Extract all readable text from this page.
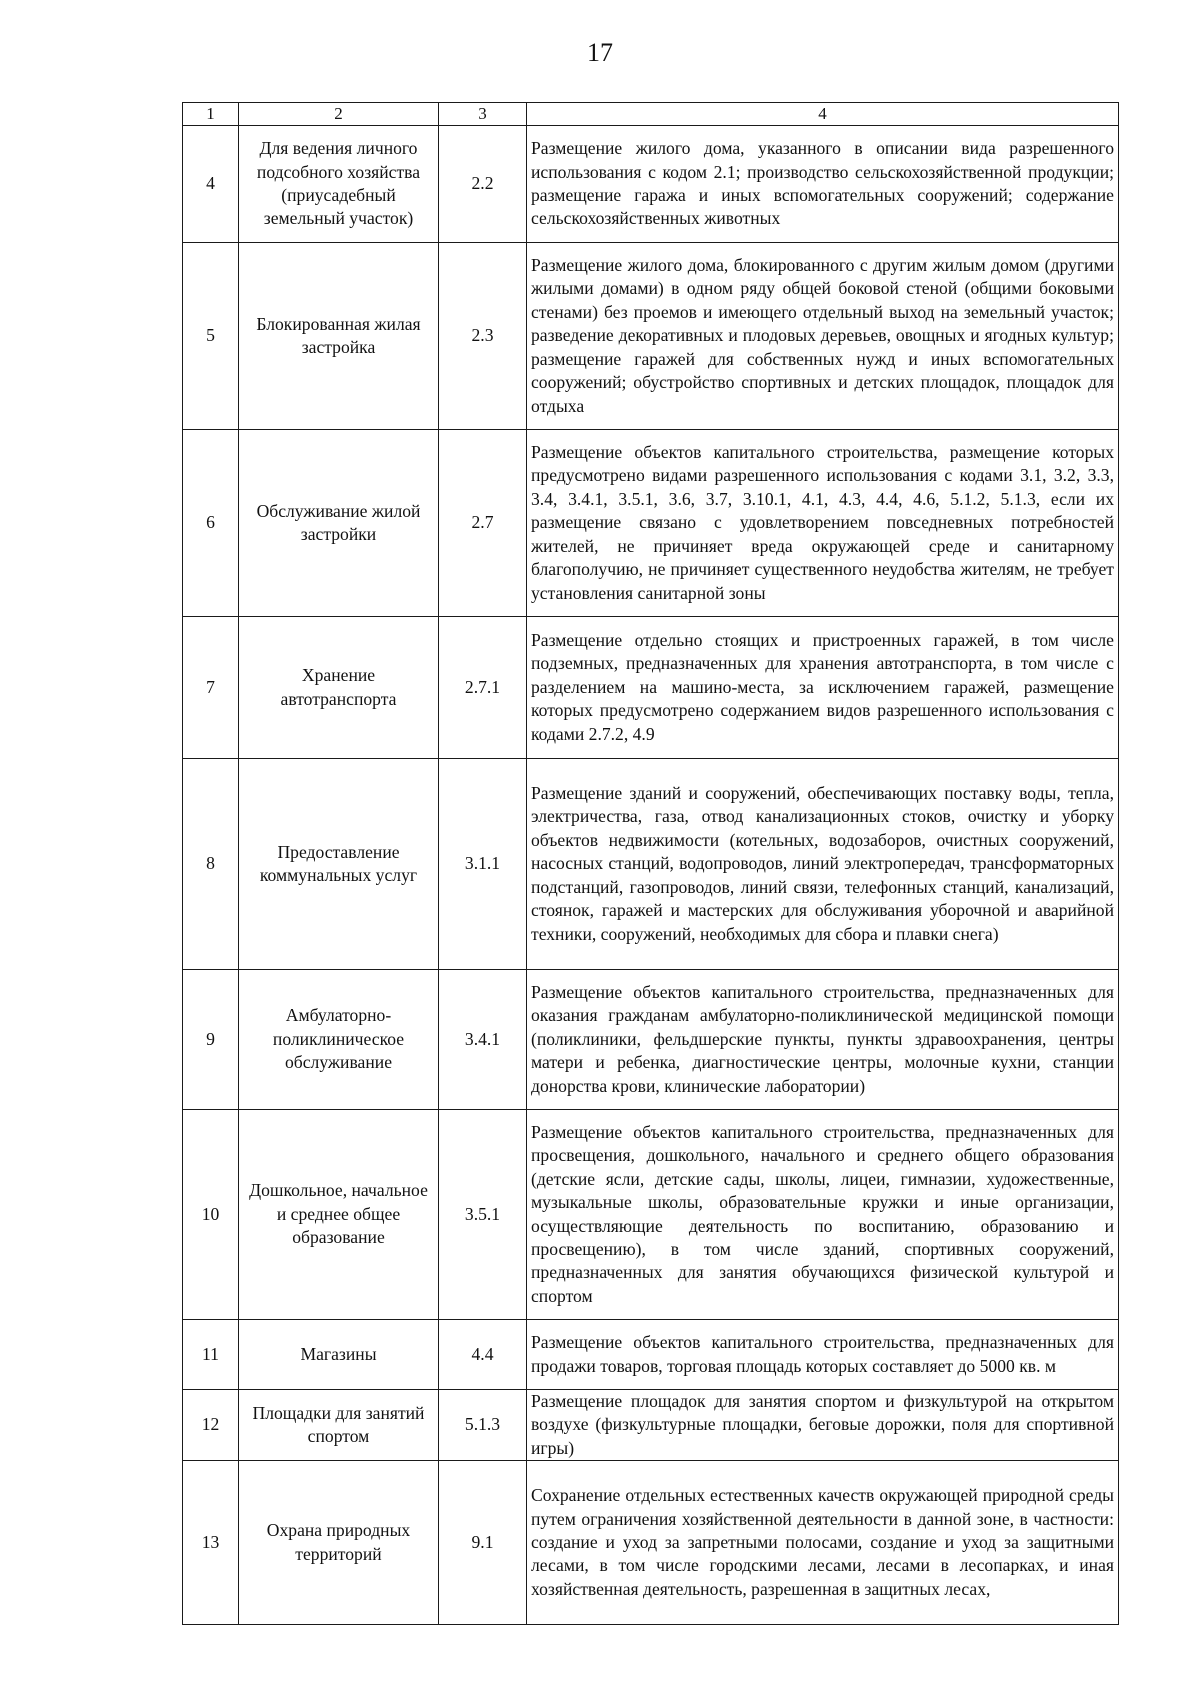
17
1	2	3	4
4	Для ведения личного подсобного хозяйства (приусадебный земельный участок)	2.2	Размещение жилого дома, указанного в описании вида разрешенного использования с кодом 2.1; производство сельскохозяйственной продукции; размещение гаража и иных вспомогательных сооружений; содержание сельскохозяйственных животных
5	Блокированная жилая застройка	2.3	Размещение жилого дома, блокированного с другим жилым домом (другими жилыми домами) в одном ряду общей боковой стеной (общими боковыми стенами) без проемов и имеющего отдельный выход на земельный участок; разведение декоративных и плодовых деревьев, овощных и ягодных культур; размещение гаражей для собственных нужд и иных вспомогательных сооружений; обустройство спортивных и детских площадок, площадок для отдыха
6	Обслуживание жилой застройки	2.7	Размещение объектов капитального строительства, размещение которых предусмотрено видами разрешенного использования с кодами 3.1, 3.2, 3.3, 3.4, 3.4.1, 3.5.1, 3.6, 3.7, 3.10.1, 4.1, 4.3, 4.4, 4.6, 5.1.2, 5.1.3, если их размещение связано с удовлетворением повседневных потребностей жителей, не причиняет вреда окружающей среде и санитарному благополучию, не причиняет существенного неудобства жителям, не требует установления санитарной зоны
7	Хранение автотранспорта	2.7.1	Размещение отдельно стоящих и пристроенных гаражей, в том числе подземных, предназначенных для хранения автотранспорта, в том числе с разделением на машино-места, за исключением гаражей, размещение которых предусмотрено содержанием видов разрешенного использования с кодами 2.7.2, 4.9
8	Предоставление коммунальных услуг	3.1.1	Размещение зданий и сооружений, обеспечивающих поставку воды, тепла, электричества, газа, отвод канализационных стоков, очистку и уборку объектов недвижимости (котельных, водозаборов, очистных сооружений, насосных станций, водопроводов, линий электропередач, трансформаторных подстанций, газопроводов, линий связи, телефонных станций, канализаций, стоянок, гаражей и мастерских для обслуживания уборочной и аварийной техники, сооружений, необходимых для сбора и плавки снега)
9	Амбулаторно-поликлиническое обслуживание	3.4.1	Размещение объектов капитального строительства, предназначенных для оказания гражданам амбулаторно-поликлинической медицинской помощи (поликлиники, фельдшерские пункты, пункты здравоохранения, центры матери и ребенка, диагностические центры, молочные кухни, станции донорства крови, клинические лаборатории)
10	Дошкольное, начальное и среднее общее образование	3.5.1	Размещение объектов капитального строительства, предназначенных для просвещения, дошкольного, начального и среднего общего образования (детские ясли, детские сады, школы, лицеи, гимназии, художественные, музыкальные школы, образовательные кружки и иные организации, осуществляющие деятельность по воспитанию, образованию и просвещению), в том числе зданий, спортивных сооружений, предназначенных для занятия обучающихся физической культурой и спортом
11	Магазины	4.4	Размещение объектов капитального строительства, предназначенных для продажи товаров, торговая площадь которых составляет до 5000 кв. м
12	Площадки для занятий спортом	5.1.3	Размещение площадок для занятия спортом и физкультурой на открытом воздухе (физкультурные площадки, беговые дорожки, поля для спортивной игры)
13	Охрана природных территорий	9.1	Сохранение отдельных естественных качеств окружающей природной среды путем ограничения хозяйственной деятельности в данной зоне, в частности: создание и уход за запретными полосами, создание и уход за защитными лесами, в том числе городскими лесами, лесами в лесопарках, и иная хозяйственная деятельность, разрешенная в защитных лесах,
